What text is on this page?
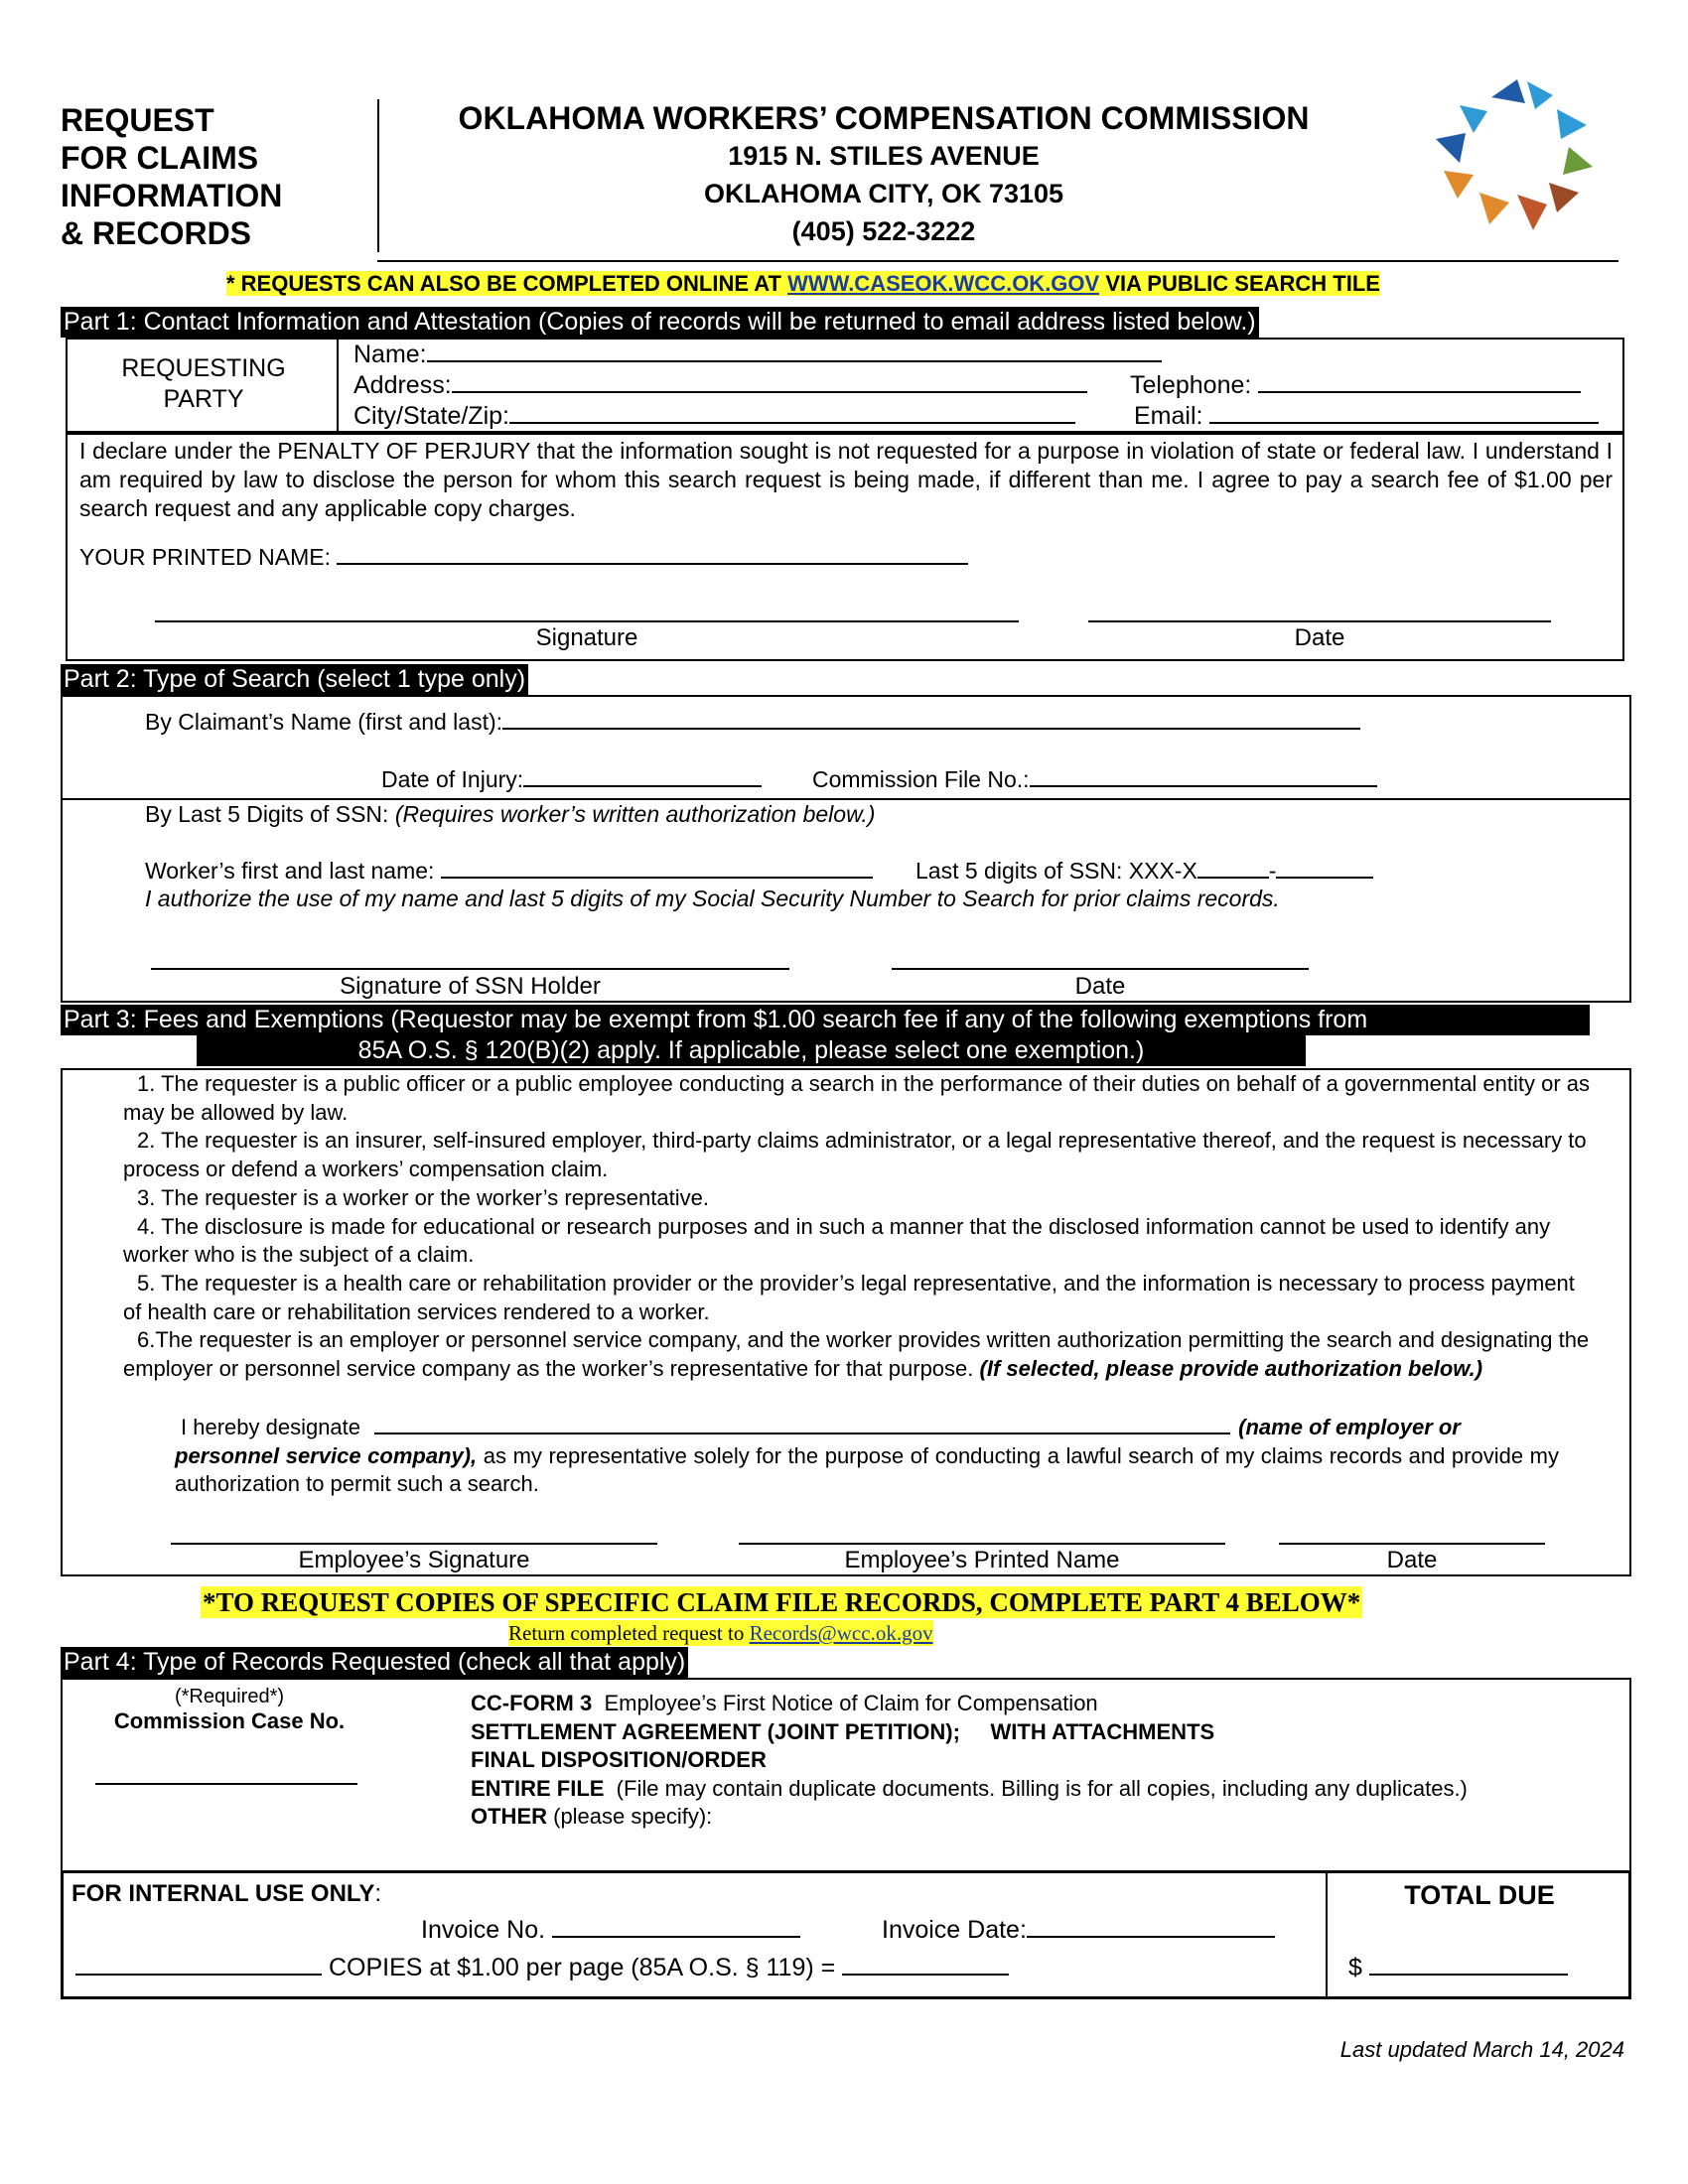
REQUEST
FOR CLAIMS
INFORMATION
& RECORDS
OKLAHOMA WORKERS’ COMPENSATION COMMISSION
1915 N. STILES AVENUE
OKLAHOMA CITY, OK 73105
(405) 522-3222
* REQUESTS CAN ALSO BE COMPLETED ONLINE AT WWW.CASEOK.WCC.OK.GOV VIA PUBLIC SEARCH TILE
Part 1: Contact Information and Attestation (Copies of records will be returned to email address listed below.)
REQUESTING PARTY
Name:
Address:
City/State/Zip:
Telephone:
Email:
I declare under the PENALTY OF PERJURY that the information sought is not requested for a purpose in violation of state or federal law. I understand I am required by law to disclose the person for whom this search request is being made, if different than me. I agree to pay a search fee of $1.00 per search request and any applicable copy charges.
YOUR PRINTED NAME:
Signature	Date
Part 2: Type of Search (select 1 type only)
By Claimant’s Name (first and last):
Date of Injury:	Commission File No.:
By Last 5 Digits of SSN: (Requires worker’s written authorization below.)
Worker’s first and last name:	Last 5 digits of SSN: XXX-X	-
I authorize the use of my name and last 5 digits of my Social Security Number to Search for prior claims records.
Signature of SSN Holder	Date
Part 3: Fees and Exemptions (Requestor may be exempt from $1.00 search fee if any of the following exemptions from
85A O.S. § 120(B)(2) apply. If applicable, please select one exemption.)
1. The requester is a public officer or a public employee conducting a search in the performance of their duties on behalf of a governmental entity or as may be allowed by law.
2. The requester is an insurer, self-insured employer, third-party claims administrator, or a legal representative thereof, and the request is necessary to process or defend a workers’ compensation claim.
3. The requester is a worker or the worker’s representative.
4. The disclosure is made for educational or research purposes and in such a manner that the disclosed information cannot be used to identify any worker who is the subject of a claim.
5. The requester is a health care or rehabilitation provider or the provider’s legal representative, and the information is necessary to process payment of health care or rehabilitation services rendered to a worker.
6.The requester is an employer or personnel service company, and the worker provides written authorization permitting the search and designating the employer or personnel service company as the worker’s representative for that purpose. (If selected, please provide authorization below.)
I hereby designate	(name of employer or
personnel service company), as my representative solely for the purpose of conducting a lawful search of my claims records and provide my authorization to permit such a search.
Employee’s Signature	Employee’s Printed Name	Date
*TO REQUEST COPIES OF SPECIFIC CLAIM FILE RECORDS, COMPLETE PART 4 BELOW*
Return completed request to Records@wcc.ok.gov
Part 4: Type of Records Requested (check all that apply)
(*Required*)
Commission Case No.
CC-FORM 3  Employee’s First Notice of Claim for Compensation
SETTLEMENT AGREEMENT (JOINT PETITION);     WITH ATTACHMENTS
FINAL DISPOSITION/ORDER
ENTIRE FILE  (File may contain duplicate documents. Billing is for all copies, including any duplicates.)
OTHER (please specify):
FOR INTERNAL USE ONLY:
Invoice No.	Invoice Date:
COPIES at $1.00 per page (85A O.S. § 119) =
TOTAL DUE
$
Last updated March 14, 2024
